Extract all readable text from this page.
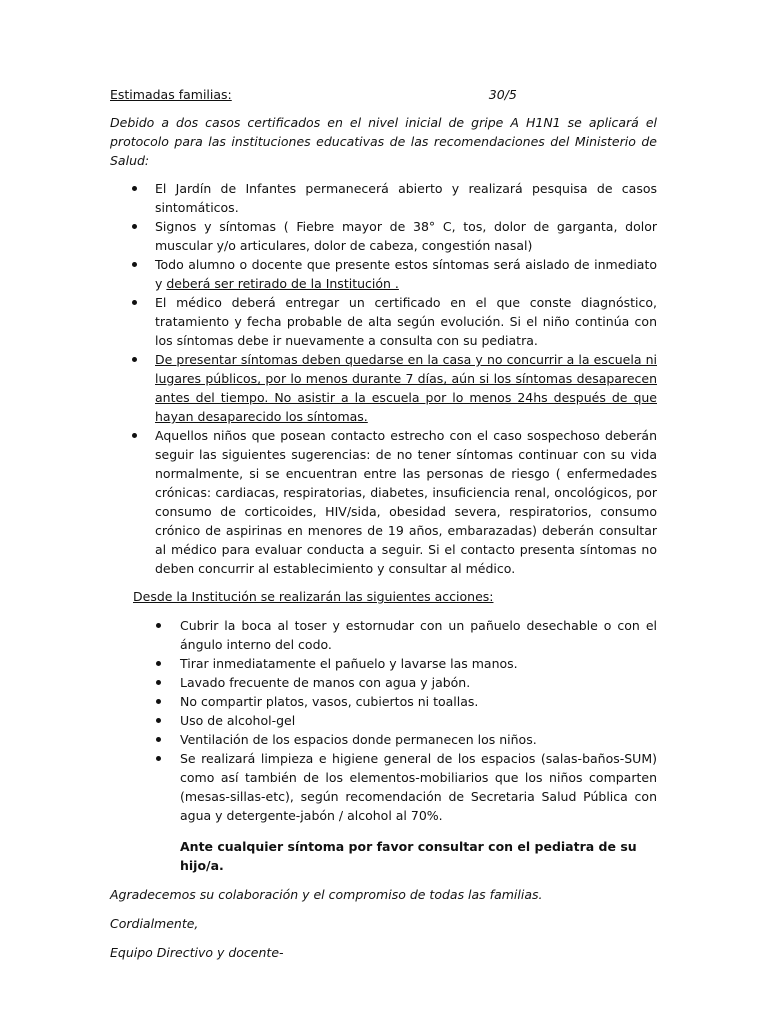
Estimadas familias:	30/5

Debido a dos casos certificados en el nivel inicial de gripe A H1N1 se aplicará el protocolo para las instituciones educativas de las recomendaciones del Ministerio de Salud:

El Jardín de Infantes permanecerá abierto y realizará pesquisa de casos sintomáticos.
Signos y síntomas ( Fiebre mayor de 38° C, tos, dolor de garganta, dolor muscular y/o articulares, dolor de cabeza, congestión nasal)
Todo alumno o docente que presente estos síntomas será aislado de inmediato y deberá ser retirado de la Institución .
El médico deberá entregar un certificado en el que conste diagnóstico, tratamiento y fecha probable de alta según evolución. Si el niño continúa con los síntomas debe ir nuevamente a consulta con su pediatra.
De presentar síntomas deben quedarse en la casa y no concurrir a la escuela ni lugares públicos, por lo menos durante 7 días, aún si los síntomas desaparecen antes del tiempo. No asistir a la escuela por lo menos 24hs después de que hayan desaparecido los síntomas.
Aquellos niños que posean contacto estrecho con el caso sospechoso deberán seguir las siguientes sugerencias: de no tener síntomas continuar con su vida normalmente, si se encuentran entre las personas de riesgo ( enfermedades crónicas: cardiacas, respiratorias, diabetes, insuficiencia renal, oncológicos, por consumo de corticoides, HIV/sida, obesidad severa, respiratorios, consumo crónico de aspirinas en menores de 19 años, embarazadas) deberán consultar al médico para evaluar conducta a seguir. Si el contacto presenta síntomas no deben concurrir al establecimiento y consultar al médico.

Desde la Institución se realizarán las siguientes acciones:

Cubrir la boca al toser y estornudar con un pañuelo desechable o con el ángulo interno del codo.
Tirar inmediatamente el pañuelo y lavarse las manos.
Lavado frecuente de manos con agua y jabón.
No compartir platos, vasos, cubiertos ni toallas.
Uso de alcohol-gel
Ventilación de los espacios donde permanecen los niños.
Se realizará limpieza e higiene general de los espacios (salas-baños-SUM) como así también de los elementos-mobiliarios que los niños comparten (mesas-sillas-etc), según recomendación de Secretaria Salud Pública con agua y detergente-jabón / alcohol al 70%.

Ante cualquier síntoma por favor consultar con el pediatra de su hijo/a.

Agradecemos su colaboración y el compromiso de todas las familias.

Cordialmente,

Equipo Directivo y docente-
